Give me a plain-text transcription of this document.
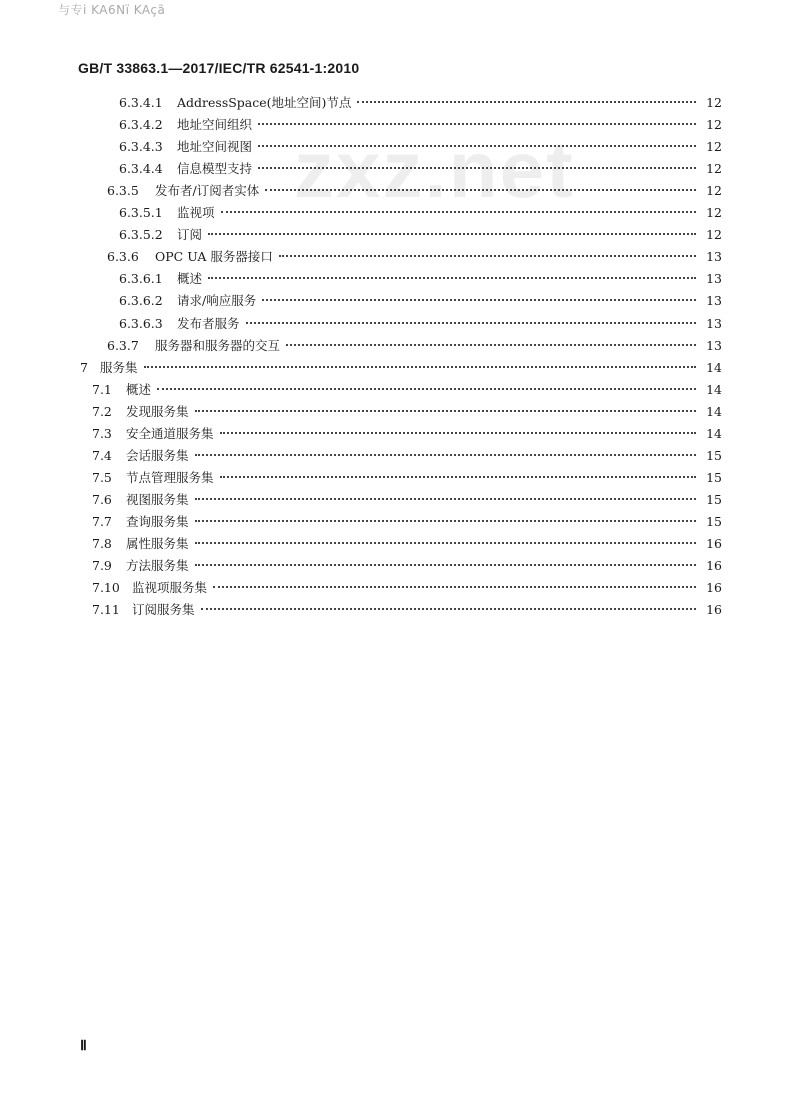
与专i KA6Nï KAçã
GB/T 33863.1—2017/IEC/TR 62541-1:2010
zxz.net
6.3.4.1	AddressSpace(地址空间)节点	12
6.3.4.2	地址空间组织	12
6.3.4.3	地址空间视图	12
6.3.4.4	信息模型支持	12
6.3.5	发布者/订阅者实体	12
6.3.5.1	监视项	12
6.3.5.2	订阅	12
6.3.6	OPC UA 服务器接口	13
6.3.6.1	概述	13
6.3.6.2	请求/响应服务	13
6.3.6.3	发布者服务	13
6.3.7	服务器和服务器的交互	13
7 服务集	14
7.1	概述	14
7.2	发现服务集	14
7.3	安全通道服务集	14
7.4	会话服务集	15
7.5	节点管理服务集	15
7.6	视图服务集	15
7.7	查询服务集	15
7.8	属性服务集	16
7.9	方法服务集	16
7.10 监视项服务集	16
7.11 订阅服务集	16
Ⅱ
